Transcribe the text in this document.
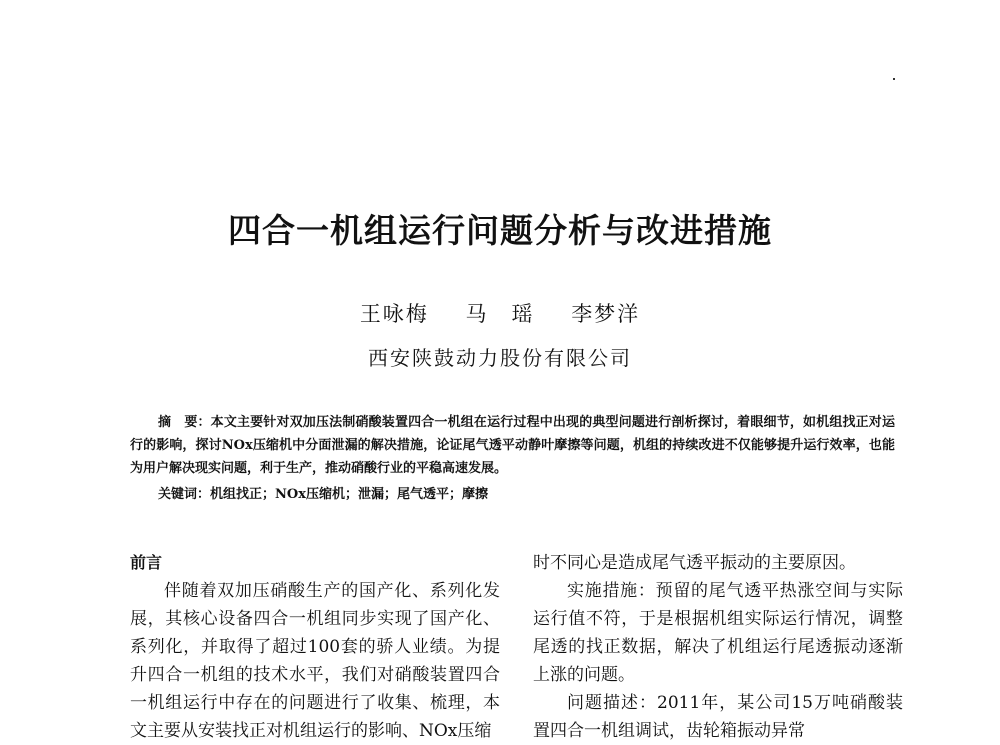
四合一机组运行问题分析与改进措施
王咏梅 马　瑶 李梦洋
西安陕鼓动力股份有限公司
摘　要：本文主要针对双加压法制硝酸装置四合一机组在运行过程中出现的典型问题进行剖析探讨，着眼细节，如机组找正对运行的影响，探讨NOx压缩机中分面泄漏的解决措施，论证尾气透平动静叶摩擦等问题，机组的持续改进不仅能够提升运行效率，也能为用户解决现实问题，利于生产，推动硝酸行业的平稳高速发展。
关键词：机组找正；NOx压缩机；泄漏；尾气透平；摩擦
前言
伴随着双加压硝酸生产的国产化、系列化发展，其核心设备四合一机组同步实现了国产化、系列化，并取得了超过100套的骄人业绩。为提升四合一机组的技术水平，我们对硝酸装置四合一机组运行中存在的问题进行了收集、梳理，本文主要从安装找正对机组运行的影响、NOx压缩
时不同心是造成尾气透平振动的主要原因。
实施措施：预留的尾气透平热涨空间与实际运行值不符，于是根据机组实际运行情况，调整尾透的找正数据，解决了机组运行尾透振动逐渐上涨的问题。
问题描述：2011年，某公司15万吨硝酸装置四合一机组调试，齿轮箱振动异常
